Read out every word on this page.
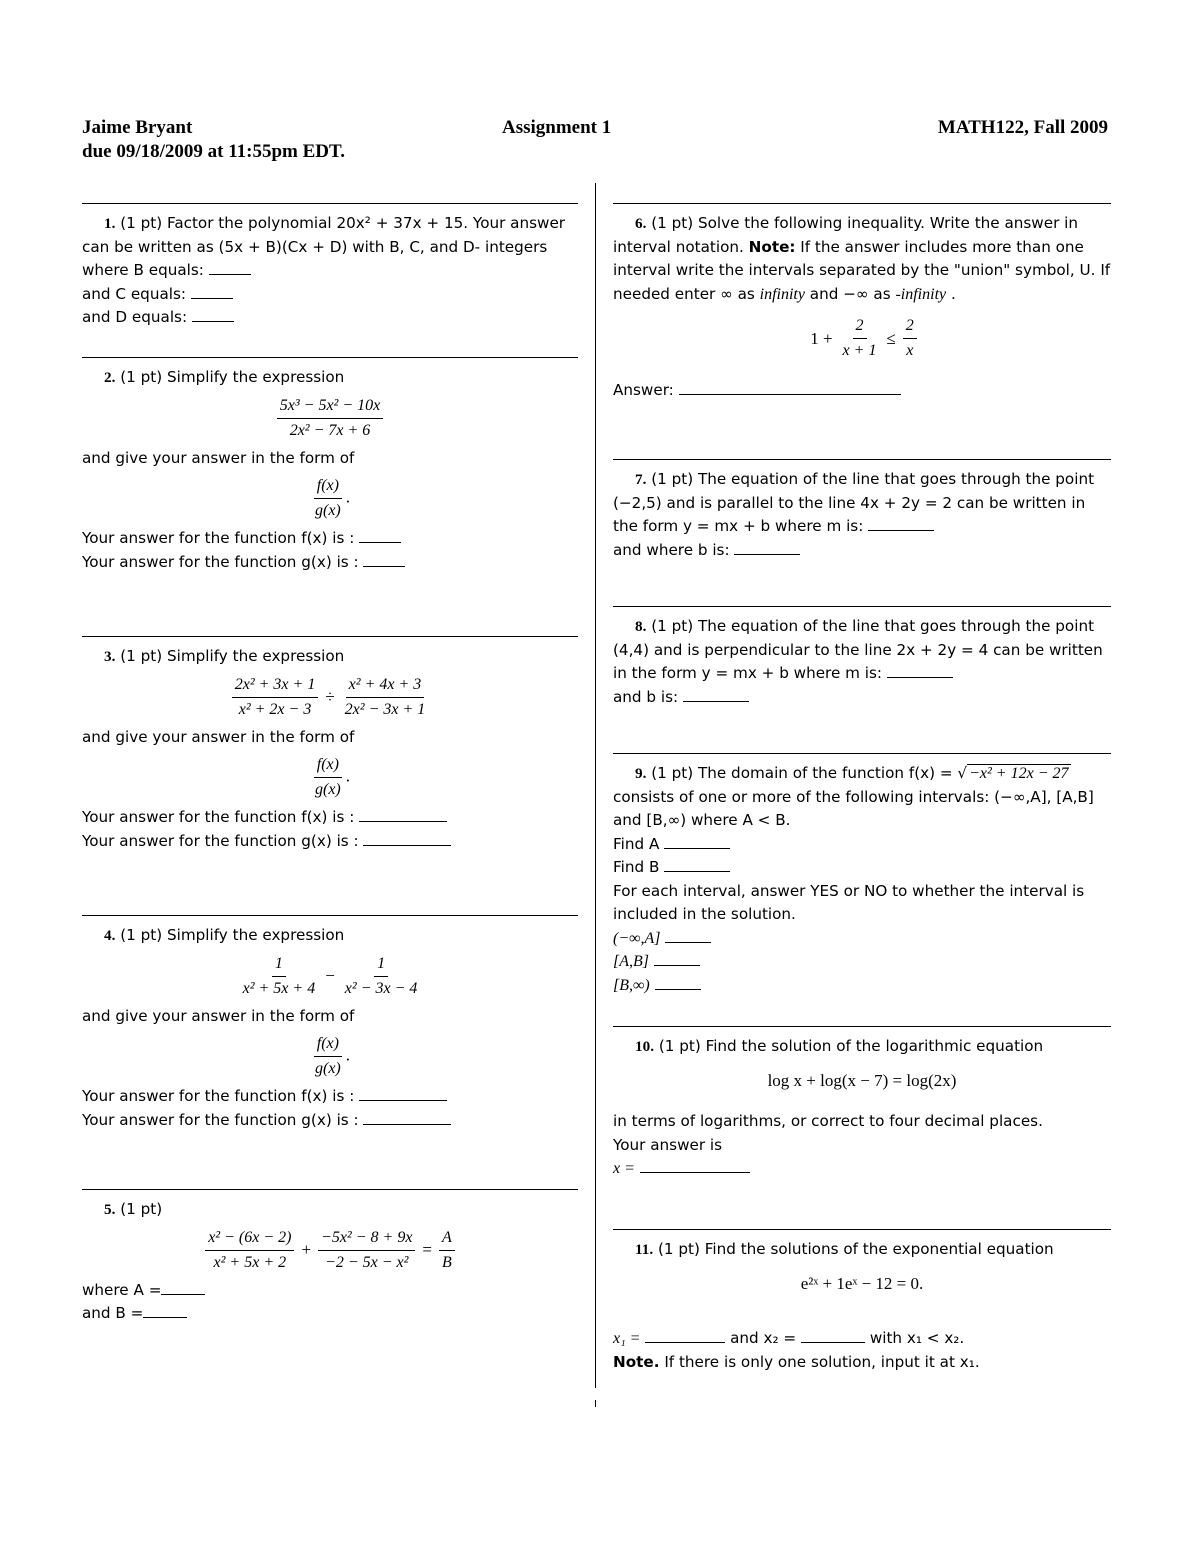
Jaime Bryant	Assignment 1	MATH122, Fall 2009
due 09/18/2009 at 11:55pm EDT.
1. (1 pt) Factor the polynomial 20x² + 37x + 15. Your answer can be written as (5x + B)(Cx + D) with B, C, and D- integers
where B equals:
and C equals:
and D equals:
2. (1 pt) Simplify the expression
$\frac{\text{5x³ − 5x² − 10x}}{\text{2x² − 7x + 6}}$
and give your answer in the form of
$\frac{f(x)}{g(x)}$ .
Your answer for the function f(x) is :
Your answer for the function g(x) is :
3. (1 pt) Simplify the expression
$\frac{\text{2x² + 3x + 1}}{\text{x² + 2x − 3}} \div \frac{\text{x² + 4x + 3}}{\text{2x² − 3x + 1}}$
and give your answer in the form of
$\frac{f(x)}{g(x)}$ .
Your answer for the function f(x) is :
Your answer for the function g(x) is :
4. (1 pt) Simplify the expression
$\frac{1}{\text{x² + 5x + 4}} - \frac{1}{\text{x² − 3x − 4}}$
and give your answer in the form of
$\frac{f(x)}{g(x)}$ .
Your answer for the function f(x) is :
Your answer for the function g(x) is :
5. (1 pt)
$\frac{\text{x² − (6x − 2)}}{\text{x² + 5x + 2}} + \frac{\text{−5x² − 8 + 9x}}{\text{−2 − 5x − x²}} = \frac{A}{B}$
where A =
and B =
6. (1 pt) Solve the following inequality. Write the answer in interval notation. Note: If the answer includes more than one interval write the intervals separated by the "union" symbol, U. If needed enter ∞ as infinity and −∞ as -infinity .
$1 + \frac{2}{x + 1} \le \frac{2}{x}$
Answer:
7. (1 pt) The equation of the line that goes through the point (−2,5) and is parallel to the line 4x + 2y = 2 can be written in the form y = mx + b where m is:
and where b is:
8. (1 pt) The equation of the line that goes through the point (4,4) and is perpendicular to the line 2x + 2y = 4 can be written in the form y = mx + b where m is:
and b is:
9. (1 pt) The domain of the function f(x) = √ −x² + 12x − 27 consists of one or more of the following intervals: (−∞,A], [A,B] and [B,∞) where A < B.
Find A
Find B
For each interval, answer YES or NO to whether the interval is included in the solution.
(−∞,A]
[A,B]
[B,∞)
10. (1 pt) Find the solution of the logarithmic equation
log x + log(x − 7) = log(2x)
in terms of logarithms, or correct to four decimal places.
Your answer is
x =
11. (1 pt) Find the solutions of the exponential equation
e²ˣ + 1eˣ − 12 = 0.
x₁ =	and x₂ =	with x₁ < x₂.
Note. If there is only one solution, input it at x₁.
